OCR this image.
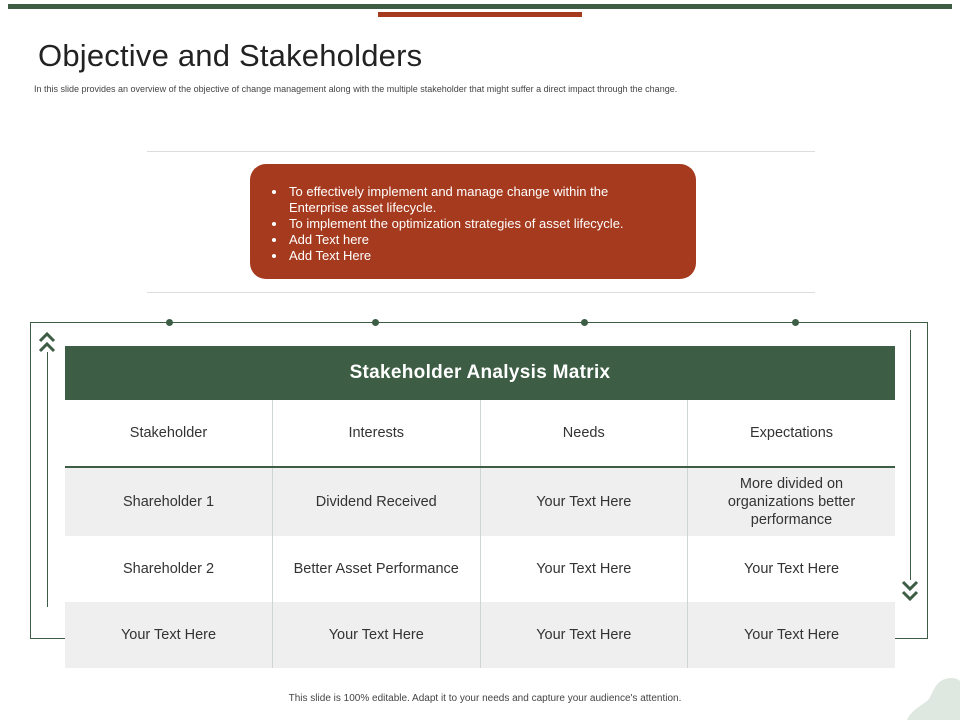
Objective and Stakeholders
In this slide provides an overview of the objective of change management along with the multiple stakeholder that might suffer a direct impact through the change.
• To effectively implement and manage change within the Enterprise asset lifecycle.
• To implement the optimization strategies of asset lifecycle.
• Add Text here
• Add Text Here
Stakeholder Analysis Matrix
Stakeholder	Interests	Needs	Expectations
Shareholder 1	Dividend Received	Your Text Here	More divided on organizations better performance
Shareholder 2	Better Asset Performance	Your Text Here	Your Text Here
Your Text Here	Your Text Here	Your Text Here	Your Text Here
This slide is 100% editable. Adapt it to your needs and capture your audience's attention.
